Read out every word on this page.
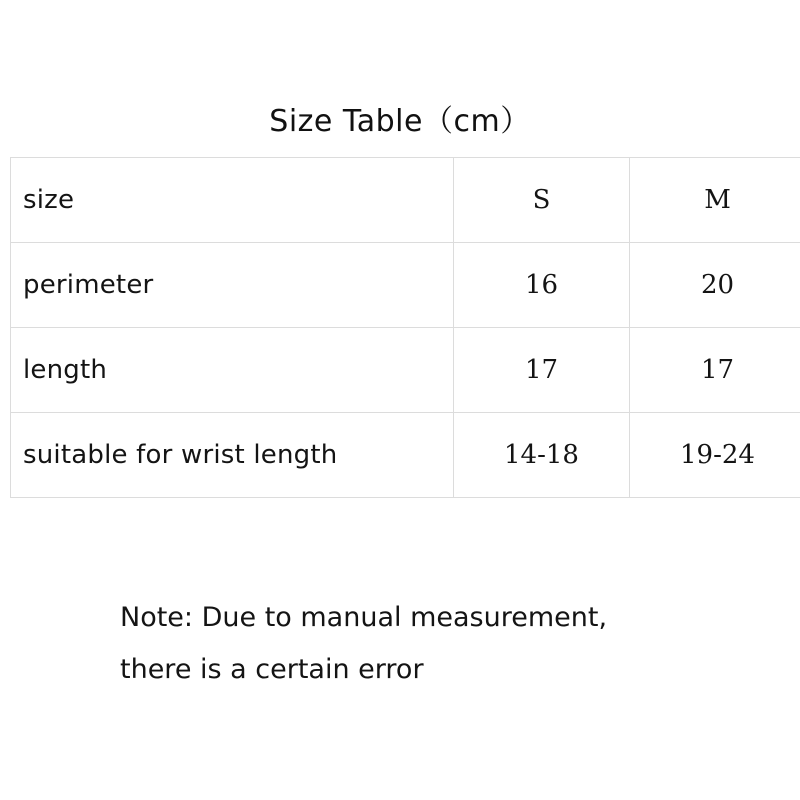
Size Table（cm）
size	S	M
perimeter	16	20
length	17	17
suitable for wrist length	14-18	19-24
Note: Due to manual measurement,
there is a certain error
